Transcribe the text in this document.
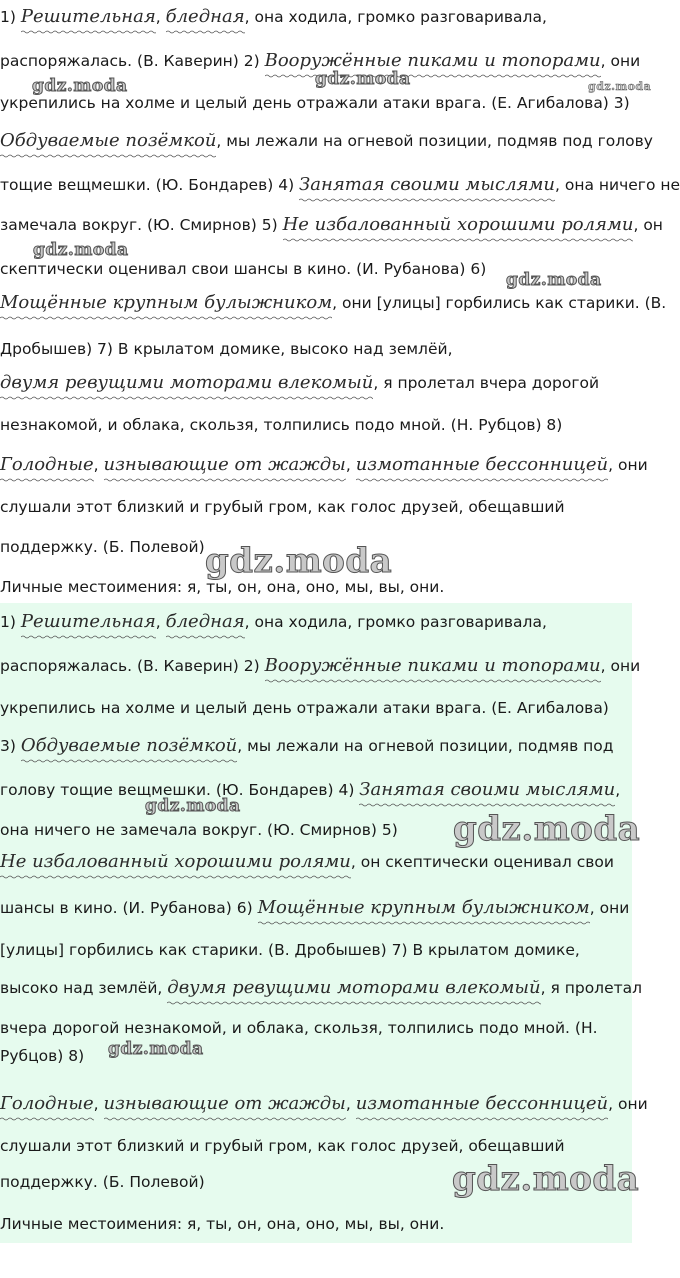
1) Решительная, бледная, она ходила, громко разговаривала,
распоряжалась. (В. Каверин) 2) Вооружённые пиками и топорами, они
укрепились на холме и целый день отражали атаки врага. (Е. Агибалова) 3)
Обдуваемые позёмкой, мы лежали на огневой позиции, подмяв под голову
тощие вещмешки. (Ю. Бондарев) 4) Занятая своими мыслями, она ничего не
замечала вокруг. (Ю. Смирнов) 5) Не избалованный хорошими ролями, он
скептически оценивал свои шансы в кино. (И. Рубанова) 6)
Мощённые крупным булыжником, они [улицы] горбились как старики. (В.
Дробышев) 7) В крылатом домике, высоко над землёй,
двумя ревущими моторами влекомый, я пролетал вчера дорогой
незнакомой, и облака, скользя, толпились подо мной. (Н. Рубцов) 8)
Голодные, изнывающие от жажды, измотанные бессонницей, они
слушали этот близкий и грубый гром, как голос друзей, обещавший
поддержку. (Б. Полевой)
Личные местоимения: я, ты, он, она, оно, мы, вы, они.
1) Решительная, бледная, она ходила, громко разговаривала,
распоряжалась. (В. Каверин) 2) Вооружённые пиками и топорами, они
укрепились на холме и целый день отражали атаки врага. (Е. Агибалова)
3) Обдуваемые позёмкой, мы лежали на огневой позиции, подмяв под
голову тощие вещмешки. (Ю. Бондарев) 4) Занятая своими мыслями,
она ничего не замечала вокруг. (Ю. Смирнов) 5)
Не избалованный хорошими ролями, он скептически оценивал свои
шансы в кино. (И. Рубанова) 6) Мощённые крупным булыжником, они
[улицы] горбились как старики. (В. Дробышев) 7) В крылатом домике,
высоко над землёй, двумя ревущими моторами влекомый, я пролетал
вчера дорогой незнакомой, и облака, скользя, толпились подо мной. (Н.
Рубцов) 8)
Голодные, изнывающие от жажды, измотанные бессонницей, они
слушали этот близкий и грубый гром, как голос друзей, обещавший
поддержку. (Б. Полевой)
Личные местоимения: я, ты, он, она, оно, мы, вы, они.
gdz.moda	gdz.moda	gdz.moda
gdz.moda
gdz.moda
gdz.moda
gdz.moda
gdz.moda
gdz.moda
gdz.moda
